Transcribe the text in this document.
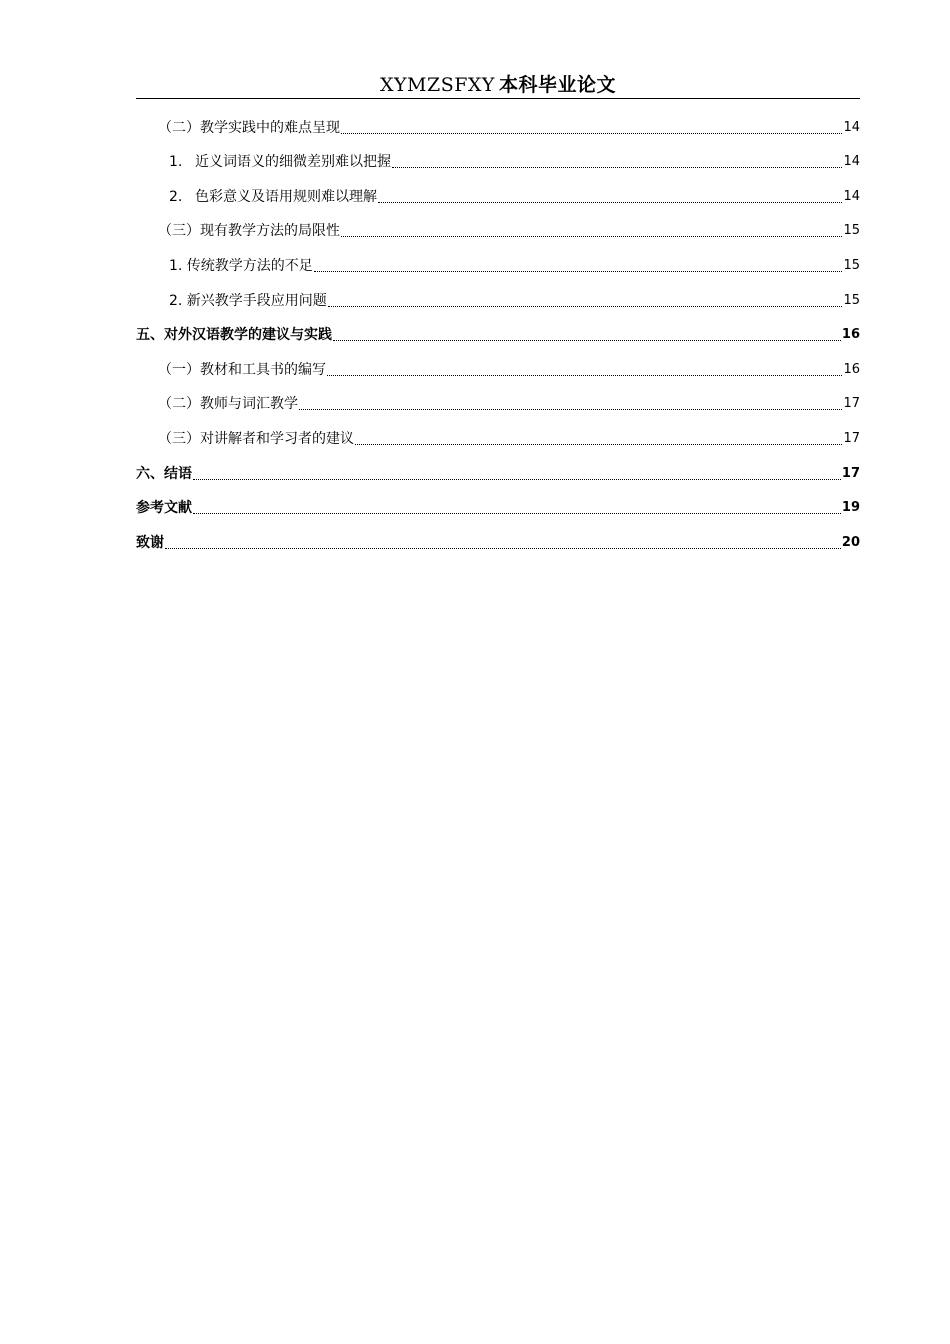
XYMZSFXY 本科毕业论文
（二）教学实践中的难点呈现	14
1. 近义词语义的细微差别难以把握	14
2. 色彩意义及语用规则难以理解	14
（三）现有教学方法的局限性	15
1. 传统教学方法的不足	15
2. 新兴教学手段应用问题	15
五、对外汉语教学的建议与实践	16
（一）教材和工具书的编写	16
（二）教师与词汇教学	17
（三）对讲解者和学习者的建议	17
六、结语	17
参考文献	19
致谢	20
